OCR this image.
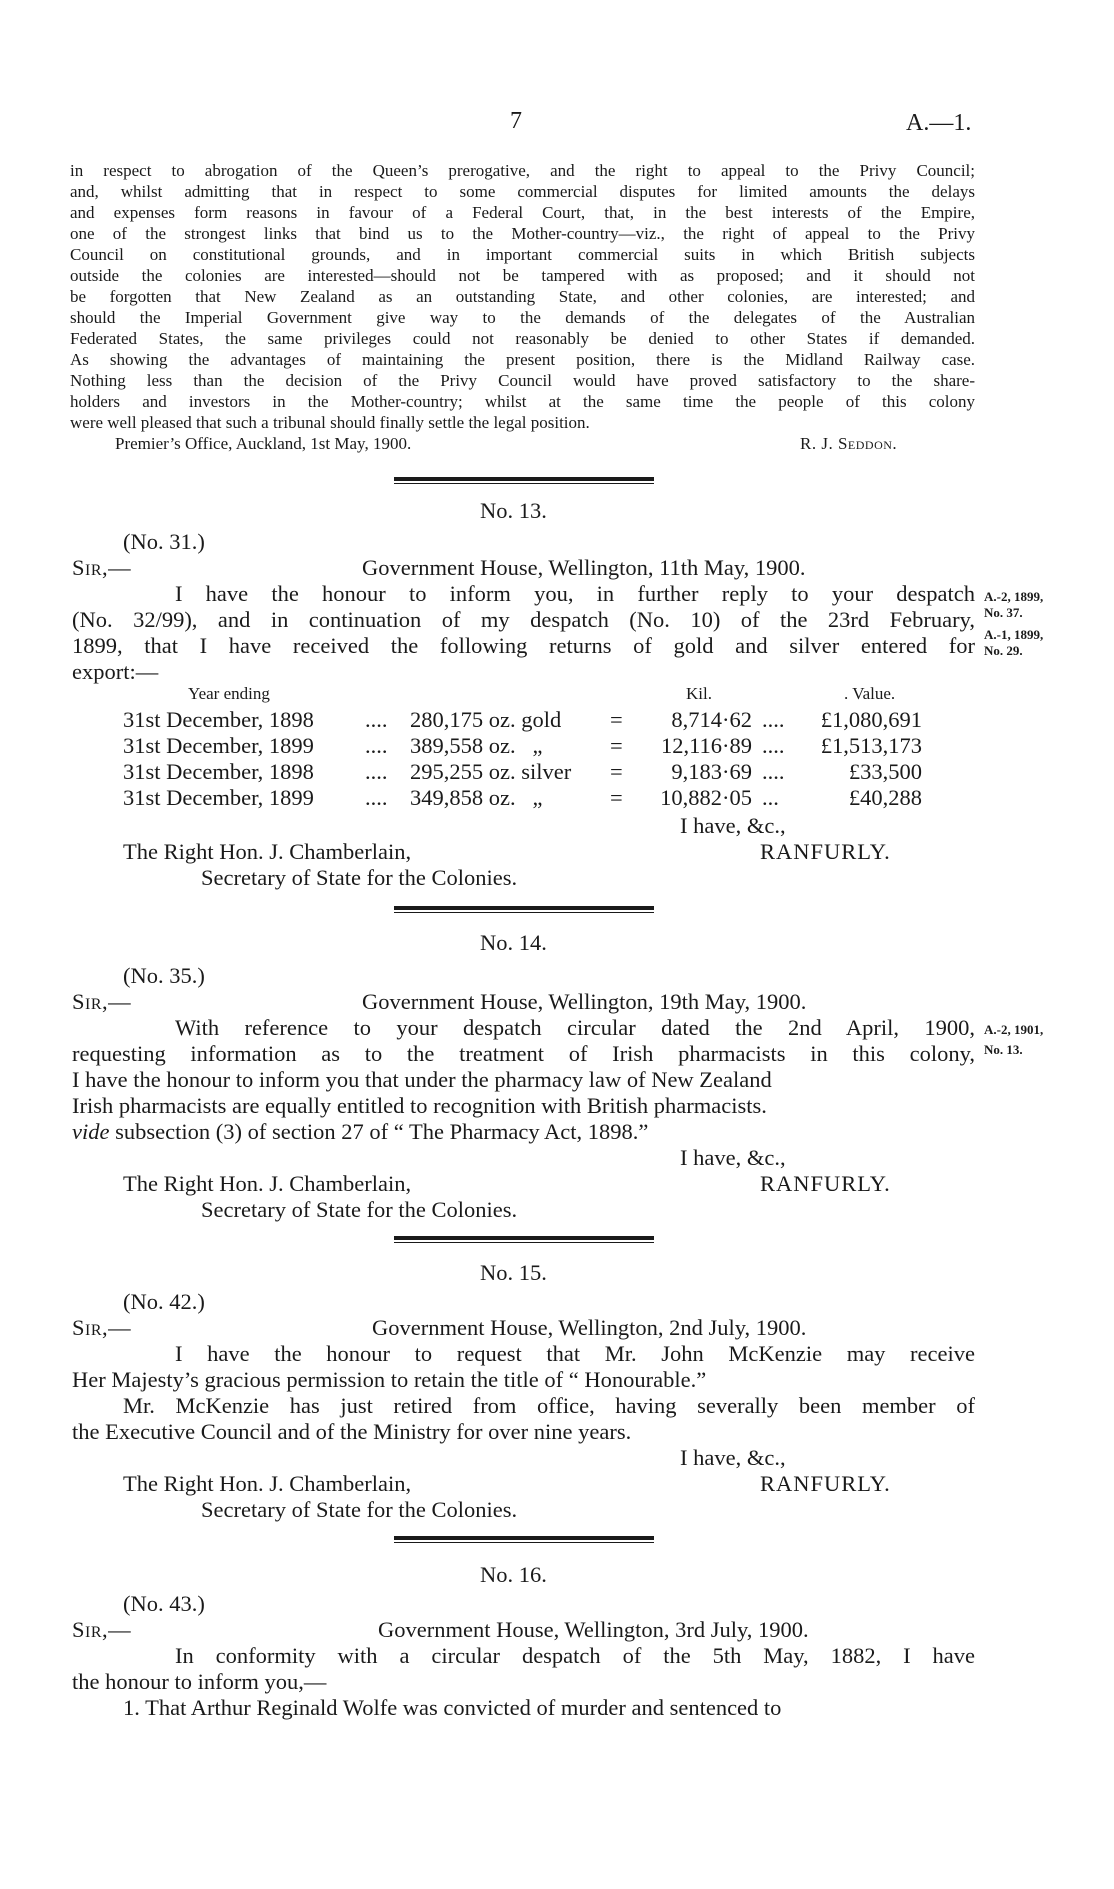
7	A.—1.
in respect to abrogation of the Queen’s prerogative, and the right to appeal to the Privy Council;
and, whilst admitting that in respect to some commercial disputes for limited amounts the delays
and expenses form reasons in favour of a Federal Court, that, in the best interests of the Empire,
one of the strongest links that bind us to the Mother-country—viz., the right of appeal to the Privy
Council on constitutional grounds, and in important commercial suits in which British subjects
outside the colonies are interested—should not be tampered with as proposed; and it should not
be forgotten that New Zealand as an outstanding State, and other colonies, are interested; and
should the Imperial Government give way to the demands of the delegates of the Australian
Federated States, the same privileges could not reasonably be denied to other States if demanded.
As showing the advantages of maintaining the present position, there is the Midland Railway case.
Nothing less than the decision of the Privy Council would have proved satisfactory to the share-
holders and investors in the Mother-country; whilst at the same time the people of this colony
were well pleased that such a tribunal should finally settle the legal position.
Premier’s Office, Auckland, 1st May, 1900.	R. J. Seddon.
No. 13.
(No. 31.)
Sir,—	Government House, Wellington, 11th May, 1900.
I have the honour to inform you, in further reply to your despatch
(No. 32/99), and in continuation of my despatch (No. 10) of the 23rd February,
1899, that I have received the following returns of gold and silver entered for
export:—
A.-2, 1899,
No. 37.
A.-1, 1899,
No. 29.
Year ending	Kil.	. Value.
31st December, 1898 .... 280,175 oz. gold =	8,714·62 ....	£1,080,691
31st December, 1899 .... 389,558 oz.   „	=	12,116·89 ....	£1,513,173
31st December, 1898 .... 295,255 oz. silver =	9,183·69 ....	£33,500
31st December, 1899 .... 349,858 oz.   „	=	10,882·05 ...	£40,288
I have, &c.,
The Right Hon. J. Chamberlain,	RANFURLY.
Secretary of State for the Colonies.
No. 14.
(No. 35.)
Sir,—	Government House, Wellington, 19th May, 1900.
With reference to your despatch circular dated the 2nd April, 1900,
requesting information as to the treatment of Irish pharmacists in this colony,
I have the honour to inform you that under the pharmacy law of New Zealand
Irish pharmacists are equally entitled to recognition with British pharmacists.
vide subsection (3) of section 27 of “ The Pharmacy Act, 1898.”
A.-2, 1901,
No. 13.
I have, &c.,
The Right Hon. J. Chamberlain,	RANFURLY.
Secretary of State for the Colonies.
No. 15.
(No. 42.)
Sir,—	Government House, Wellington, 2nd July, 1900.
I have the honour to request that Mr. John McKenzie may receive
Her Majesty’s gracious permission to retain the title of “ Honourable.”
Mr. McKenzie has just retired from office, having severally been member of
the Executive Council and of the Ministry for over nine years.
I have, &c.,
The Right Hon. J. Chamberlain,	RANFURLY.
Secretary of State for the Colonies.
No. 16.
(No. 43.)
Sir,—	Government House, Wellington, 3rd July, 1900.
In conformity with a circular despatch of the 5th May, 1882, I have
the honour to inform you,—
1. That Arthur Reginald Wolfe was convicted of murder and sentenced to
